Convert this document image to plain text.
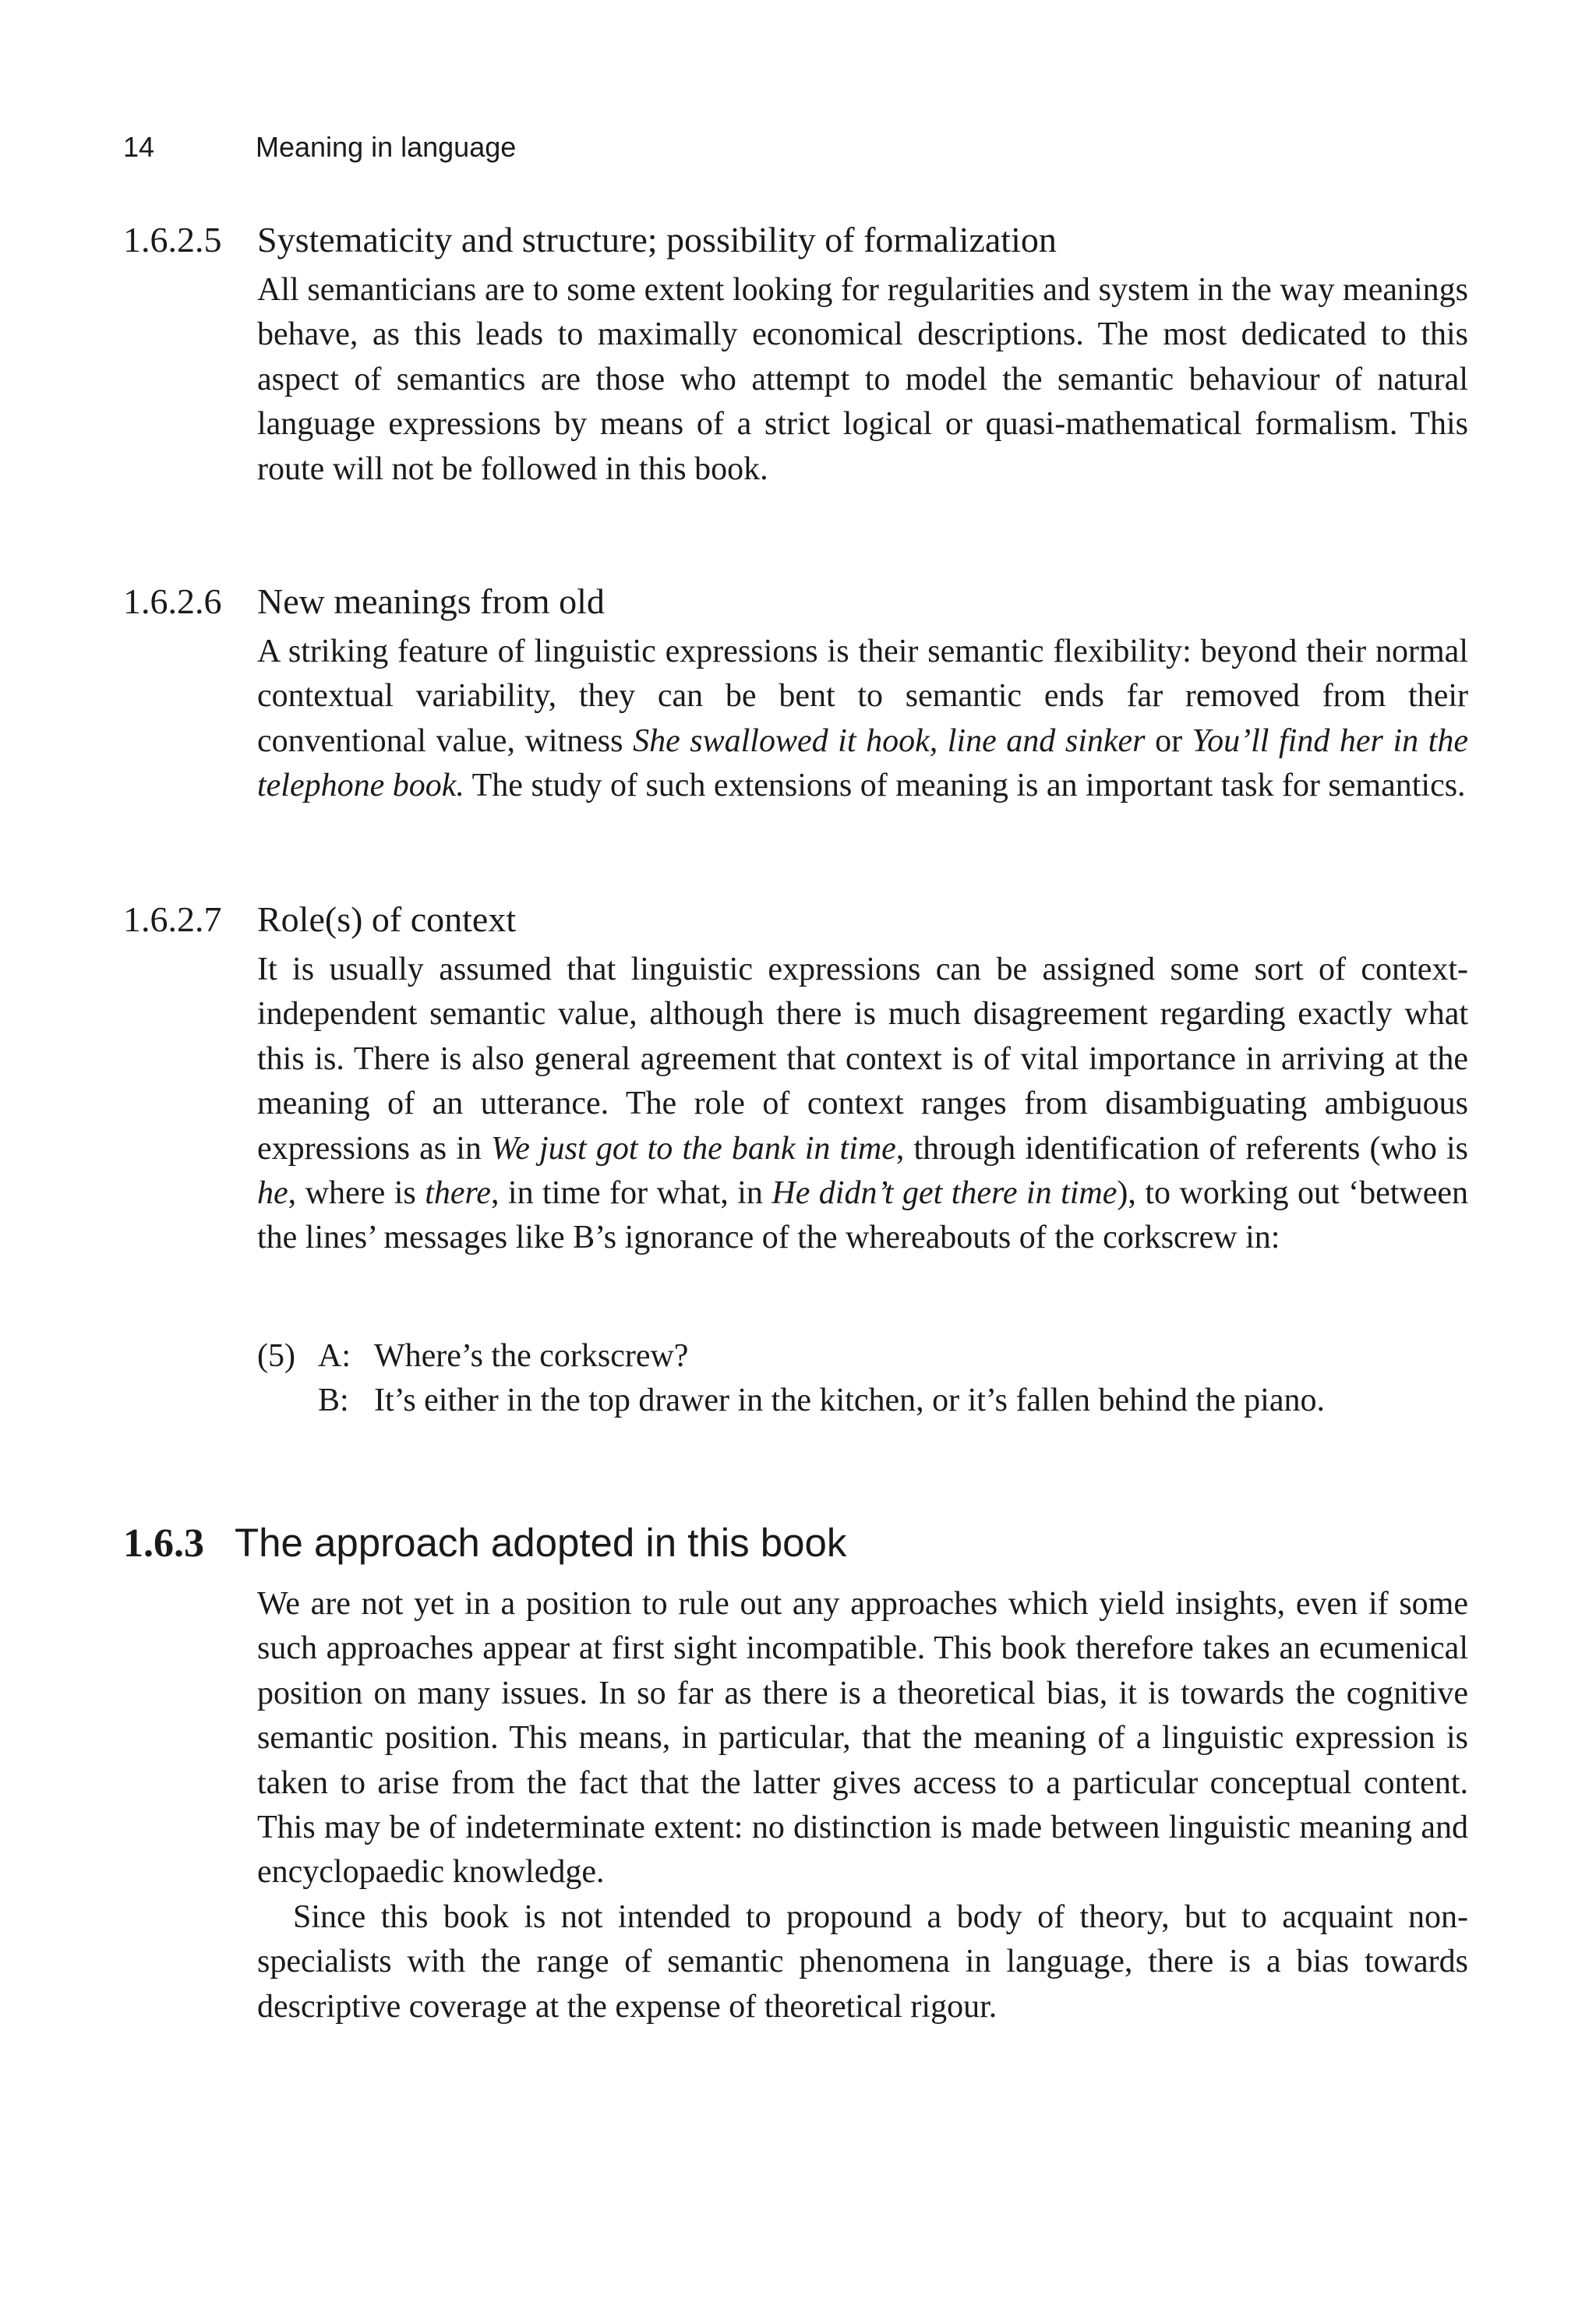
14	Meaning in language
1.6.2.5 Systematicity and structure; possibility of formalization

All semanticians are to some extent looking for regularities and system in the way meanings behave, as this leads to maximally economical descriptions. The most dedicated to this aspect of semantics are those who attempt to model the semantic behaviour of natural language expressions by means of a strict logical or quasi-mathematical formalism. This route will not be followed in this book.

1.6.2.6 New meanings from old

A striking feature of linguistic expressions is their semantic flexibility: beyond their normal contextual variability, they can be bent to semantic ends far removed from their conventional value, witness She swallowed it hook, line and sinker or You’ll find her in the telephone book. The study of such extensions of meaning is an important task for semantics.

1.6.2.7 Role(s) of context

It is usually assumed that linguistic expressions can be assigned some sort of context-independent semantic value, although there is much disagreement regarding exactly what this is. There is also general agreement that context is of vital importance in arriving at the meaning of an utterance. The role of context ranges from disambiguating ambiguous expressions as in We just got to the bank in time, through identification of referents (who is he, where is there, in time for what, in He didn’t get there in time), to working out ‘between the lines’ messages like B’s ignorance of the whereabouts of the corkscrew in:

(5) A: Where’s the corkscrew?
B: It’s either in the top drawer in the kitchen, or it’s fallen behind the piano.
1.6.3 The approach adopted in this book

We are not yet in a position to rule out any approaches which yield insights, even if some such approaches appear at first sight incompatible. This book therefore takes an ecumenical position on many issues. In so far as there is a theoretical bias, it is towards the cognitive semantic position. This means, in particular, that the meaning of a linguistic expression is taken to arise from the fact that the latter gives access to a particular conceptual content. This may be of indeterminate extent: no distinction is made between linguistic meaning and encyclopaedic knowledge.

Since this book is not intended to propound a body of theory, but to acquaint non-specialists with the range of semantic phenomena in language, there is a bias towards descriptive coverage at the expense of theoretical rigour.
